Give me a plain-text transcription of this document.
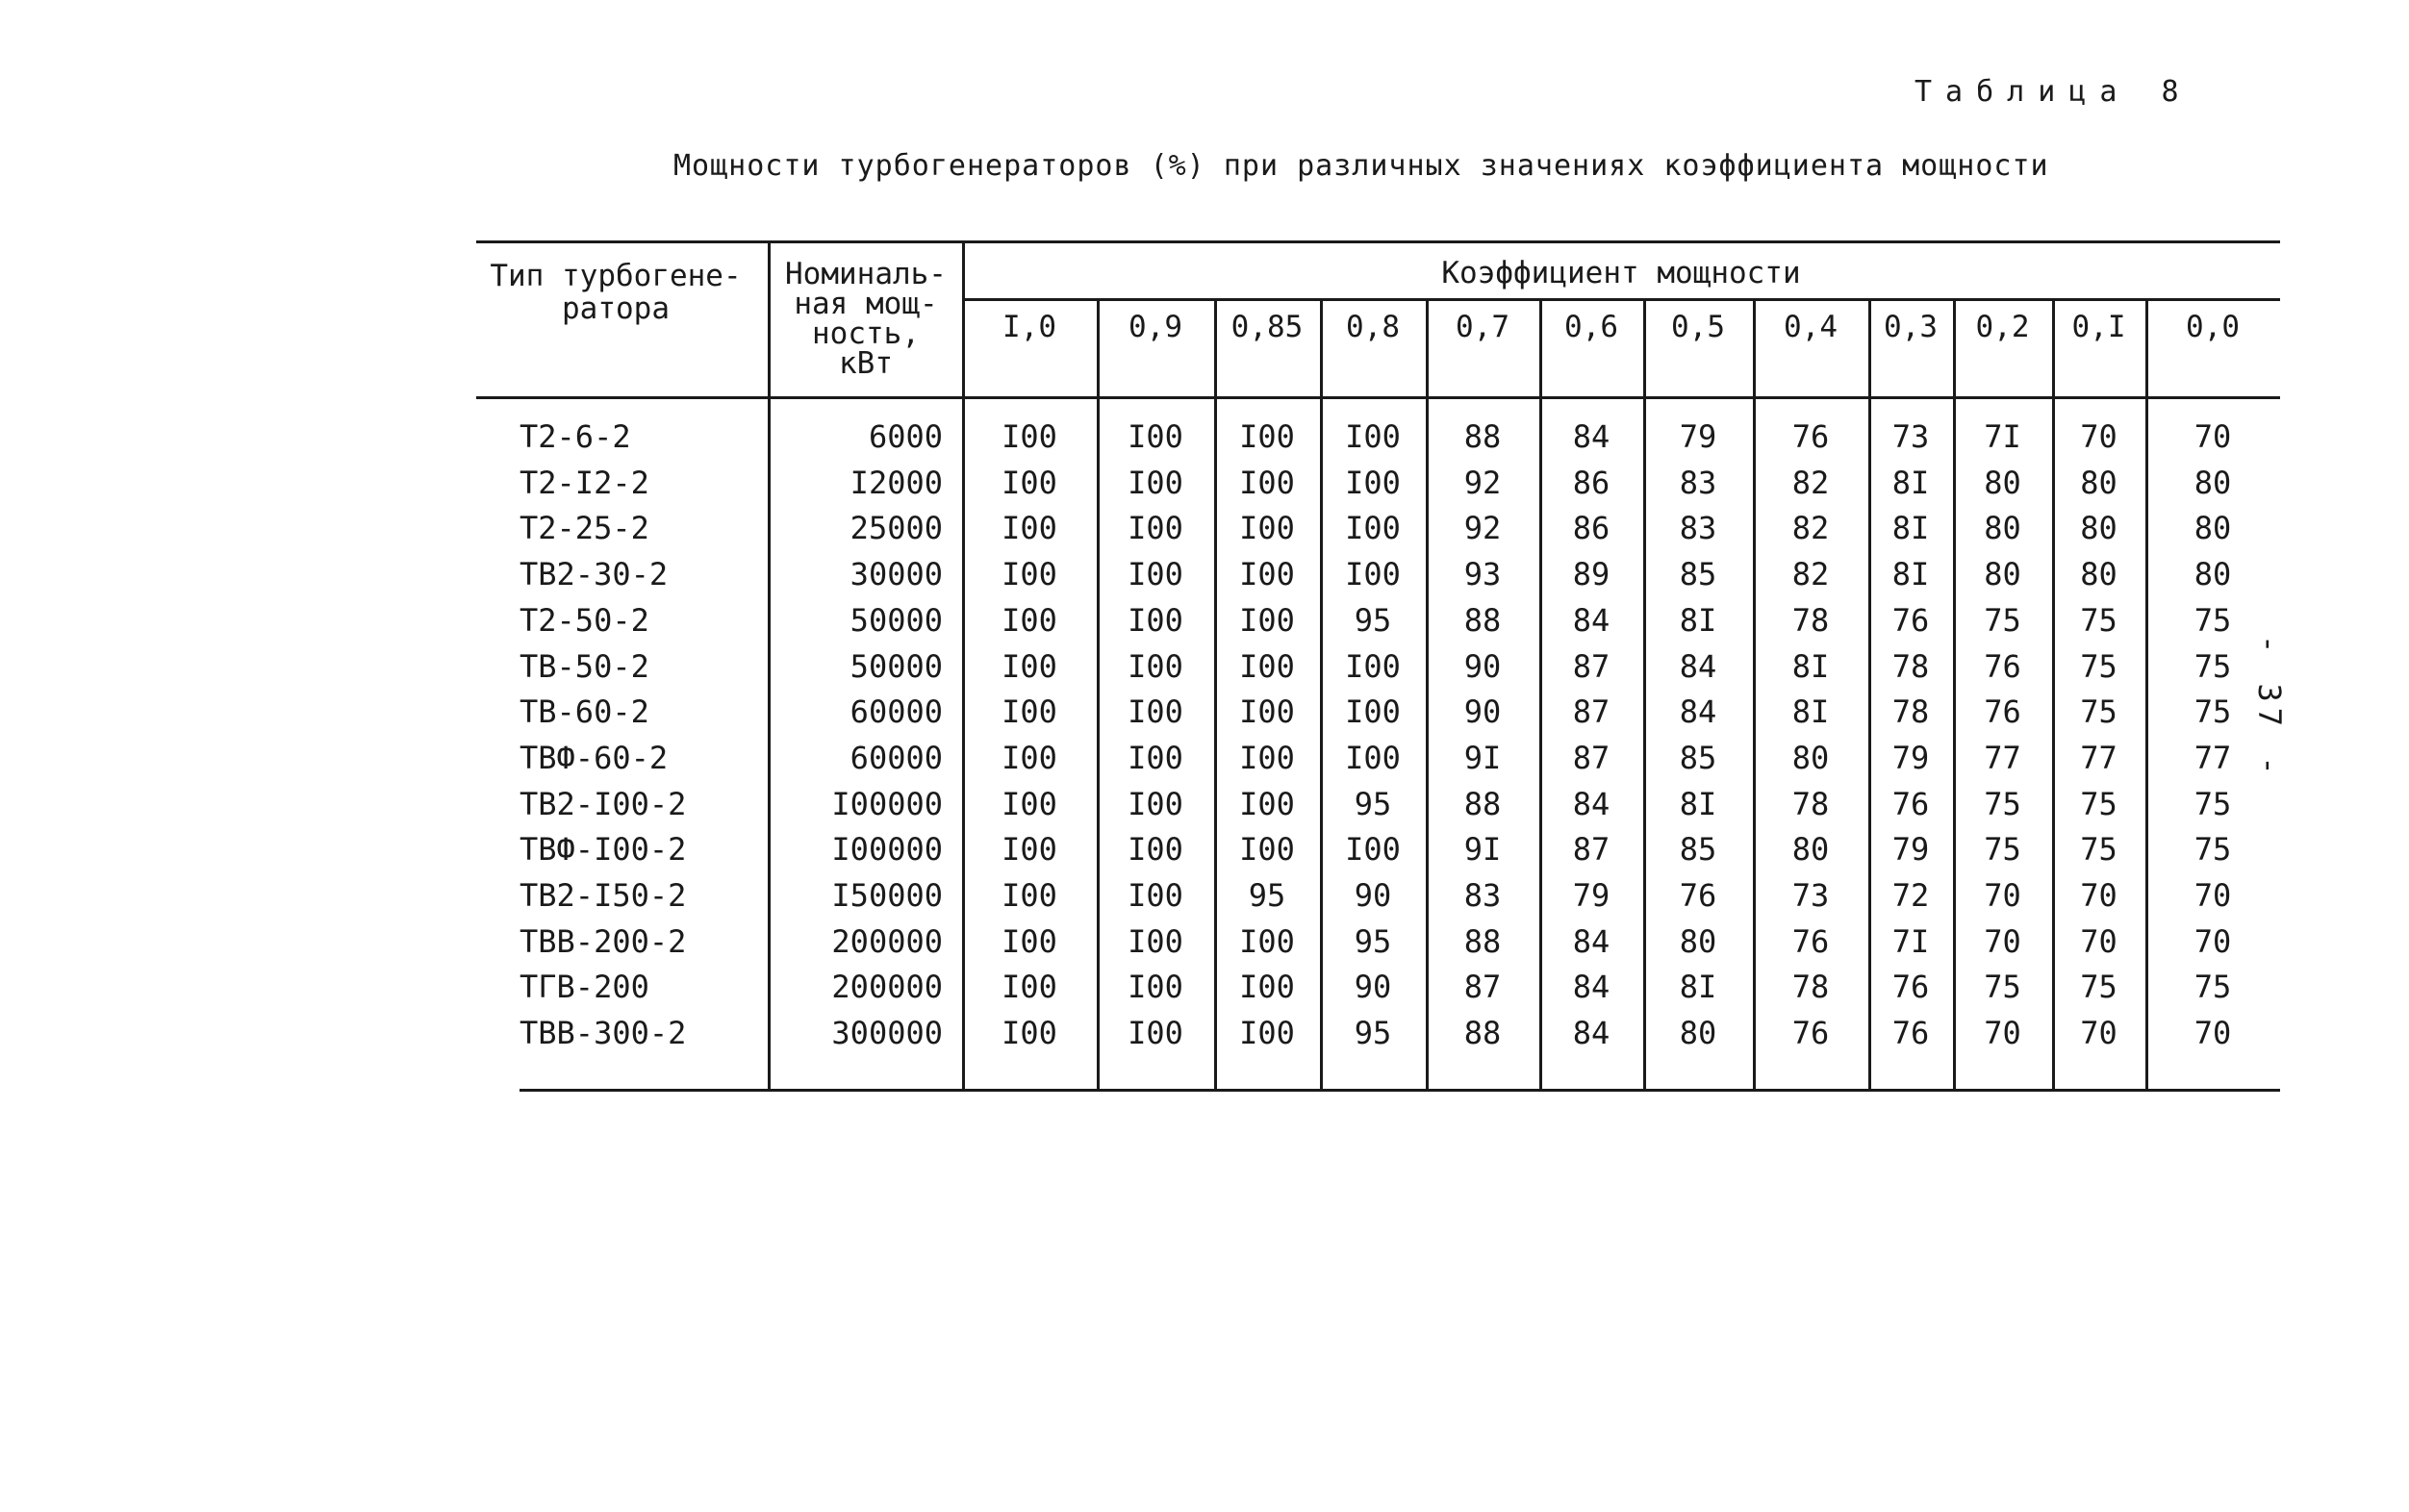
Таблица 8
Мощности турбогенераторов (%) при различных значениях коэффициента мощности
- 37 -
Тип турбогене-
ратора
Номиналь-
ная мощ-
ность,
кВт
Коэффициент мощности
I,0	0,9	0,85	0,8	0,7	0,6	0,5	0,4	0,3	0,2	0,I	0,0
Т2-6-2	6000	I00	I00	I00	I00	88	84	79	76	73	7I	70	70
Т2-I2-2	I2000	I00	I00	I00	I00	92	86	83	82	8I	80	80	80
Т2-25-2	25000	I00	I00	I00	I00	92	86	83	82	8I	80	80	80
ТВ2-30-2	30000	I00	I00	I00	I00	93	89	85	82	8I	80	80	80
Т2-50-2	50000	I00	I00	I00	95	88	84	8I	78	76	75	75	75
ТВ-50-2	50000	I00	I00	I00	I00	90	87	84	8I	78	76	75	75
ТВ-60-2	60000	I00	I00	I00	I00	90	87	84	8I	78	76	75	75
ТВФ-60-2	60000	I00	I00	I00	I00	9I	87	85	80	79	77	77	77
ТВ2-I00-2	I00000	I00	I00	I00	95	88	84	8I	78	76	75	75	75
ТВФ-I00-2	I00000	I00	I00	I00	I00	9I	87	85	80	79	75	75	75
ТВ2-I50-2	I50000	I00	I00	95	90	83	79	76	73	72	70	70	70
ТВВ-200-2	200000	I00	I00	I00	95	88	84	80	76	7I	70	70	70
ТГВ-200	200000	I00	I00	I00	90	87	84	8I	78	76	75	75	75
ТВВ-300-2	300000	I00	I00	I00	95	88	84	80	76	76	70	70	70
